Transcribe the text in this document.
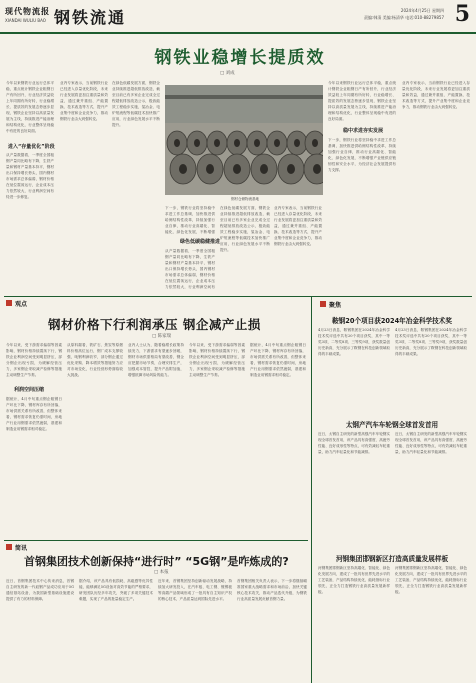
现代物流报
XIANDAI WULIU BAO 钢铁流通	2024年4月25日 星期四
责编:韩清 美编:杨清华 电话:010-88279857 5
钢铁业稳增长提质效
□ 刘成
今年以来钢铁行业运行总体平稳，重点统计钢铁企业粗钢日产有所回升，行业经济效益较上年同期有所好转，行业稳增长、提质效的发展态势逐步显现，钢铁企业坚持以高质量发展为主线，持续推进产能治理和结构优化，行业整体呈现稳中有进的良好局面。
进入“存量优化”阶段
从产量数据看，一季度全国粗钢产量同比略有下降，生铁产量和钢材产量基本持平，钢材出口保持增长势头，国内钢材市场需求总体偏弱，钢材价格在低位震荡运行，企业成本压力依然较大，行业利润空间有待进一步修复。
业内专家表示，当前钢铁行业已经进入存量优化阶段，未来行业发展将更加注重质量和效益，通过兼并重组、产能置换、技术改造等方式，提升产业集中度和企业竞争力，推动钢铁行业由大到强转变。
在绿色低碳发展方面，钢铁企业持续推进超低排放改造，截至目前已有多家企业完成全过程超低排放改造公示，极致能效工程稳步实施，氢冶金、电炉短流程等低碳技术加快推广应用，行业绿色发展水平不断提升。
钢材仓储物流基地
下一步，钢铁行业将坚持稳中求进工作总基调，加快推进供给侧结构性改革，持续加强行业自律，推动行业高端化、智能化、绿色化发展，不断增强
绿色低碳稳健推进
在绿色低碳发展方面，钢铁企业持续推进超低排放改造，截至目前已有多家企业完成全过程超低排放改造公示，极致能效工程稳步实施，氢冶金、电炉短流程等低碳技术加快推广应用，行业绿色发展水平不断提升。
从产量数据看，一季度全国粗钢产量同比略有下降，生铁产量和钢材产量基本持平，钢材出口保持增长势头，国内钢材市场需求总体偏弱，钢材价格在低位震荡运行，企业成本压力依然较大，行业利润空间有
业内专家表示，当前钢铁行业已经进入存量优化阶段，未来行业发展将更加注重质量和效益，通过兼并重组、产能置换、技术改造等方式，提升产业集中度和企业竞争力，推动钢铁行业由大到强转变。
今年以来钢铁行业运行总体平稳，重点统计钢铁企业粗钢日产有所回升，行业经济效益较上年同期有所好转，行业稳增长、提质效的发展态势逐步显现，钢铁企业坚持以高质量发展为主线，持续推进产能治理和结构优化，行业整体呈现稳中有进的良好局面。
稳中求进夯实发展
下一步，钢铁行业将坚持稳中求进工作总基调，加快推进供给侧结构性改革，持续加强行业自律，推动行业高端化、智能化、绿色化发展，不断增强产业链供应链韧性和安全水平，为经济社会发展提供有力支撑。
业内专家表示，当前钢铁行业已经进入存量优化阶段，未来行业发展将更加注重质量和效益，通过兼并重组、产能置换、技术改造等方式，提升产业集中度和企业竞争力，推动钢铁行业由大到强转变。
观点
钢材价格下行利润承压 钢企减产止损
□ 陈家瑞
今年以来，受下游需求偏弱等因素影响，钢材价格持续震荡下行，钢铁企业利润空间受到明显挤压，部分钢企出现亏损，为缓解经营压力，多家钢企采取减产检修等措施主动调整生产节奏。
利润空间压缩
据统计，4月中旬重点钢企粗钢日产环比下降，钢材库存有所回落，市场供需关系有所改善，但整体来看，钢材需求恢复仍需时间，房地产行业用钢需求依然疲弱，基建和制造业用钢需求相对稳定。
从原料端看，铁矿石、焦炭等原燃料价格高位运行，钢厂成本支撑较强，吨钢利润收窄，部分钢企通过优化采购、降本增效等措施努力应对市场变化，行业经营形势面临较大挑战。
业内人士认为，随着稳增长政策持续发力，下游需求有望逐步回暖，钢材市场供需格局有望改善，钢企应把握市场节奏，合理安排生产，加强成本管控，提升产品附加值，增强抵御市场风险的能力。
今年以来，受下游需求偏弱等因素影响，钢材价格持续震荡下行，钢铁企业利润空间受到明显挤压，部分钢企出现亏损，为缓解经营压力，多家钢企采取减产检修等措施主动调整生产节奏。
据统计，4月中旬重点钢企粗钢日产环比下降，钢材库存有所回落，市场供需关系有所改善，但整体来看，钢材需求恢复仍需时间，房地产行业用钢需求依然疲弱，基建和制造业用钢需求相对稳定。
简讯
首钢集团技术创新保持“进行时” “5G钢”是咋炼成的?
□ 本报
近日，首钢集团技术中心传来消息，首钢自主研发的新一代硅钢产品成功应用于5G通信基站设备，为我国新型基础设施建设提供了有力的材料保障。
据介绍，该产品具有低损耗、高磁感等优异性能，能够满足5G设备对高效节能的严格要求，研发团队历经多年攻关，突破了多项关键技术难题，实现了产品的批量稳定生产。
近年来，首钢集团坚持创新驱动发展战略，持续加大研发投入，在汽车板、电工钢、镀锡板等高端产品领域形成了一批具有自主知识产权的核心技术，产品质量达到国际先进水平。
首钢集团相关负责人表示，下一步将继续瞄准国家重大战略需求和市场前沿，加快关键核心技术攻关，推动产品迭代升级，为钢铁行业高质量发展贡献首钢力量。
聚焦
鞍钢20个项目获2024年冶金科学技术奖
4月23日消息，鞍钢集团在2024年冶金科学技术奖评选中共有20个项目获奖，其中一等奖3项、二等奖8项、三等奖9项，获奖数量创历史新高，充分展示了鞍钢在科技创新领域取得的丰硕成果。
4月23日消息，鞍钢集团在2024年冶金科学技术奖评选中共有20个项目获奖，其中一等奖3项、二等奖8项、三等奖9项，获奖数量创历史新高，充分展示了鞍钢在科技创新领域取得的丰硕成果。
太钢产汽车车轮钢全球首发首用
近日，太钢自主研发的新型高强汽车车轮钢实现全球首发首用，该产品具有高强度、高疲劳性能、良好成形性等特点，可有效减轻车轮重量，助力汽车轻量化和节能减排。
近日，太钢自主研发的新型高强汽车车轮钢实现全球首发首用，该产品具有高强度、高疲劳性能、良好成形性等特点，可有效减轻车轮重量，助力汽车轻量化和节能减排。
河钢集团邯钢新区打造高质量发展样板
河钢集团邯钢新区坚持高端化、智能化、绿色化发展方向，建成了一批具有世界先进水平的工艺装备，产品结构持续优化，能耗指标行业领先，正全力打造钢铁行业高质量发展新样板。
河钢集团邯钢新区坚持高端化、智能化、绿色化发展方向，建成了一批具有世界先进水平的工艺装备，产品结构持续优化，能耗指标行业领先，正全力打造钢铁行业高质量发展新样板。
